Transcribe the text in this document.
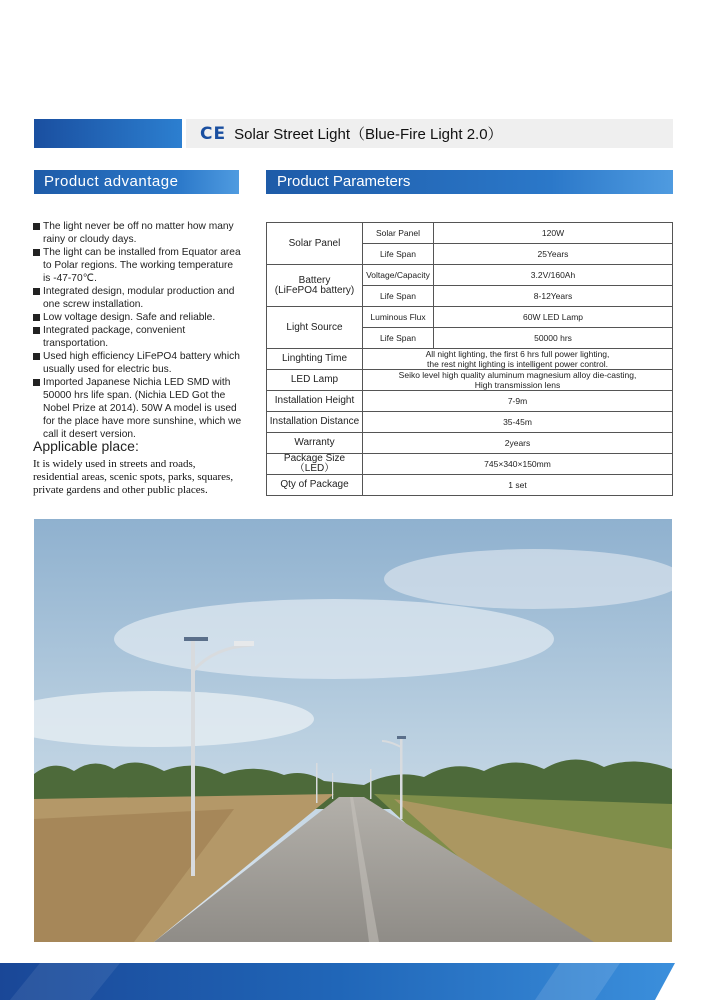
CE Solar Street Light（Blue-Fire Light 2.0）
Product advantage
The light never be off no matter how many rainy or cloudy days.
The light can be installed from Equator area to Polar regions. The working temperature is -47-70℃.
Integrated design, modular production and one screw installation.
Low voltage design. Safe and reliable.
Integrated package, convenient transportation.
Used high efficiency LiFePO4 battery which usually used for electric bus.
Imported Japanese Nichia LED SMD with 50000 hrs life span. (Nichia LED Got the Nobel Prize at 2014). 50W A model is used for the place have more sunshine, which we call it desert version.
Applicable place:
It is widely used in streets and roads, residential areas, scenic spots, parks, squares, private gardens and other public places.
Product Parameters
Solar Panel	Solar Panel	120W
	Life Span	25Years
Battery
(LiFePO4 battery)	Voltage/Capacity	3.2V/160Ah
	Life Span	8-12Years
Light Source	Luminous Flux	60W LED Lamp
	Life Span	50000 hrs
Linghting Time	All night lighting, the first 6 hrs full power lighting,
the rest night lighting is intelligent power control.	
LED Lamp	Seiko level high quality aluminum magnesium alloy die-casting,
High transmission lens	
Installation Height	7-9m	
Installation Distance	35-45m	
Warranty	2years	
Package Size（LED）	745×340×150mm	
Qty of Package	1 set	
